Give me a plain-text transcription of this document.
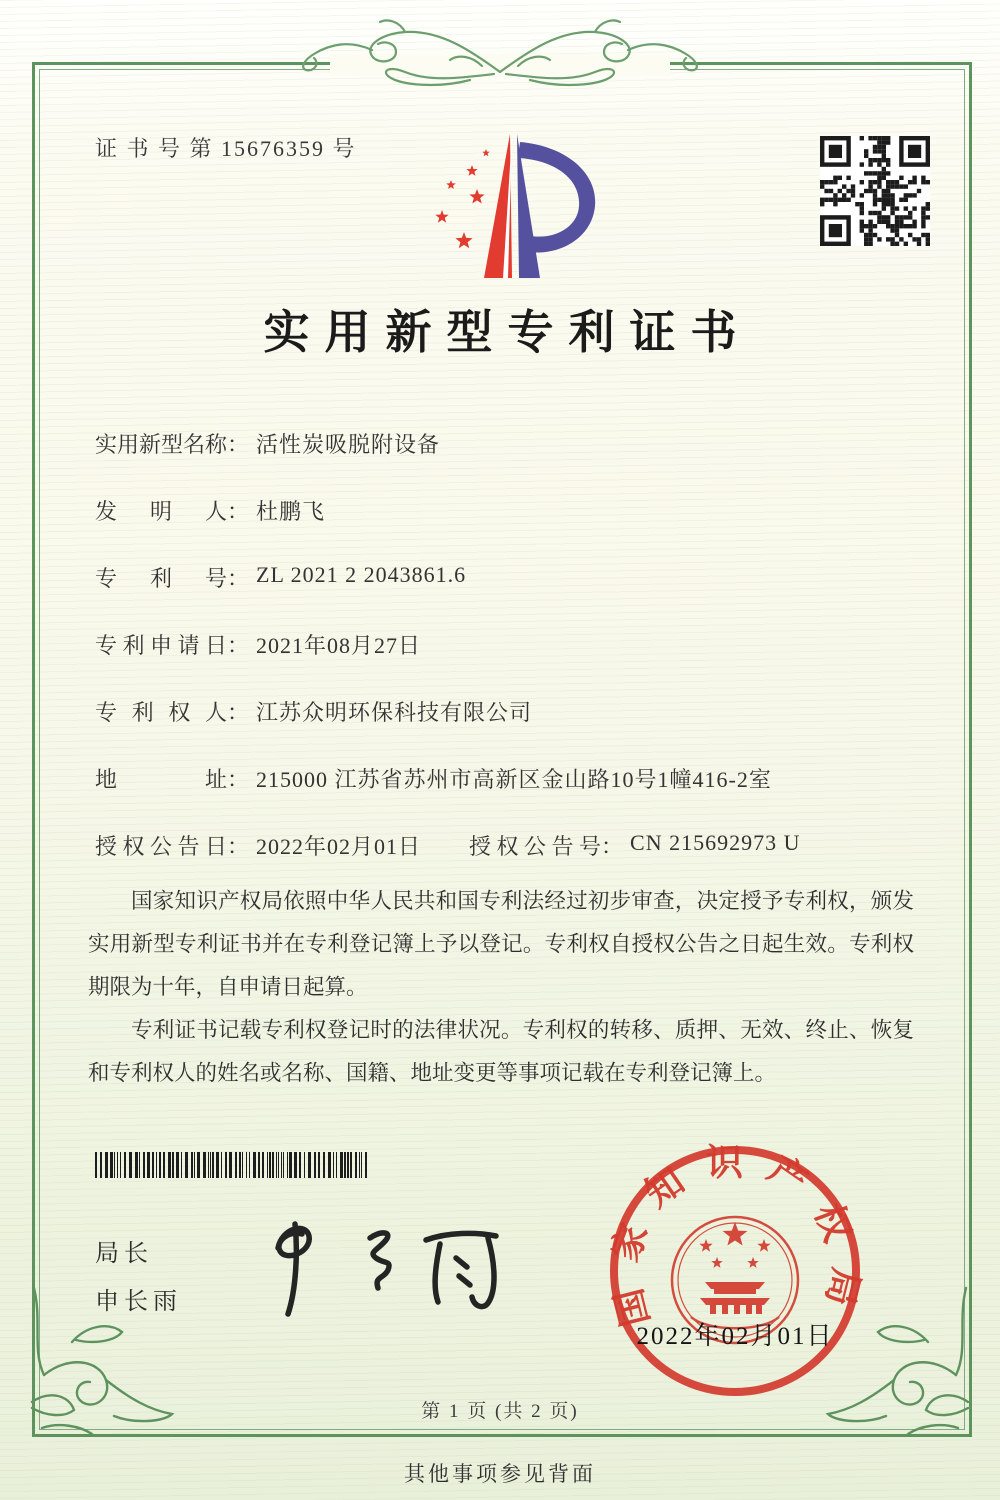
证 书 号 第 15676359 号
实用新型专利证书
实用新型名称： 活性炭吸脱附设备
发明人： 杜鹏飞
专利号： ZL 2021 2 2043861.6
专利申请日： 2021年08月27日
专利权人： 江苏众明环保科技有限公司
地址： 215000 江苏省苏州市高新区金山路10号1幢416-2室
授权公告日： 2022年02月01日 授权公告号： CN 215692973 U

国家知识产权局依照中华人民共和国专利法经过初步审查，决定授予专利权，颁发实用新型专利证书并在专利登记簿上予以登记。专利权自授权公告之日起生效。专利权期限为十年，自申请日起算。

专利证书记载专利权登记时的法律状况。专利权的转移、质押、无效、终止、恢复和专利权人的姓名或名称、国籍、地址变更等事项记载在专利登记簿上。

局长
申长雨	国家知识产权局
2022年02月01日
第 1 页 (共 2 页)
其他事项参见背面
